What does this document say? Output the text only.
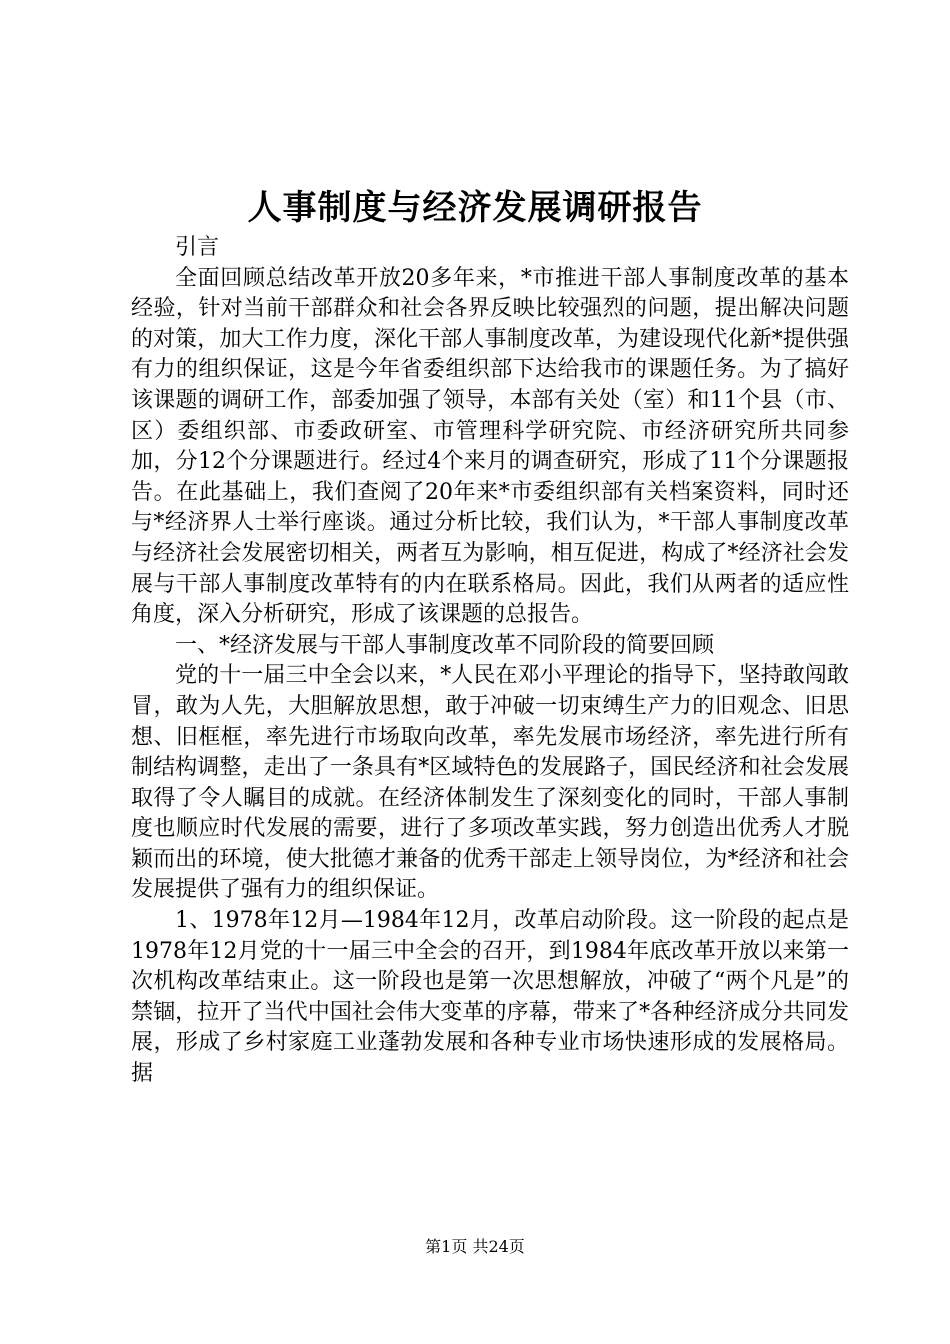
人事制度与经济发展调研报告

引言

全面回顾总结改革开放20多年来，*市推进干部人事制度改革的基本经验，针对当前干部群众和社会各界反映比较强烈的问题，提出解决问题的对策，加大工作力度，深化干部人事制度改革，为建设现代化新*提供强有力的组织保证，这是今年省委组织部下达给我市的课题任务。为了搞好该课题的调研工作，部委加强了领导，本部有关处（室）和11个县（市、区）委组织部、市委政研室、市管理科学研究院、市经济研究所共同参加，分12个分课题进行。经过4个来月的调查研究，形成了11个分课题报告。在此基础上，我们查阅了20年来*市委组织部有关档案资料，同时还与*经济界人士举行座谈。通过分析比较，我们认为，*干部人事制度改革与经济社会发展密切相关，两者互为影响，相互促进，构成了*经济社会发展与干部人事制度改革特有的内在联系格局。因此，我们从两者的适应性角度，深入分析研究，形成了该课题的总报告。

一、*经济发展与干部人事制度改革不同阶段的简要回顾

党的十一届三中全会以来，*人民在邓小平理论的指导下，坚持敢闯敢冒，敢为人先，大胆解放思想，敢于冲破一切束缚生产力的旧观念、旧思想、旧框框，率先进行市场取向改革，率先发展市场经济，率先进行所有制结构调整，走出了一条具有*区域特色的发展路子，国民经济和社会发展取得了令人瞩目的成就。在经济体制发生了深刻变化的同时，干部人事制度也顺应时代发展的需要，进行了多项改革实践，努力创造出优秀人才脱颖而出的环境，使大批德才兼备的优秀干部走上领导岗位，为*经济和社会发展提供了强有力的组织保证。

1、1978年12月—1984年12月，改革启动阶段。这一阶段的起点是1978年12月党的十一届三中全会的召开，到1984年底改革开放以来第一次机构改革结束止。这一阶段也是第一次思想解放，冲破了“两个凡是”的禁锢，拉开了当代中国社会伟大变革的序幕，带来了*各种经济成分共同发展，形成了乡村家庭工业蓬勃发展和各种专业市场快速形成的发展格局。据

第1页 共24页
